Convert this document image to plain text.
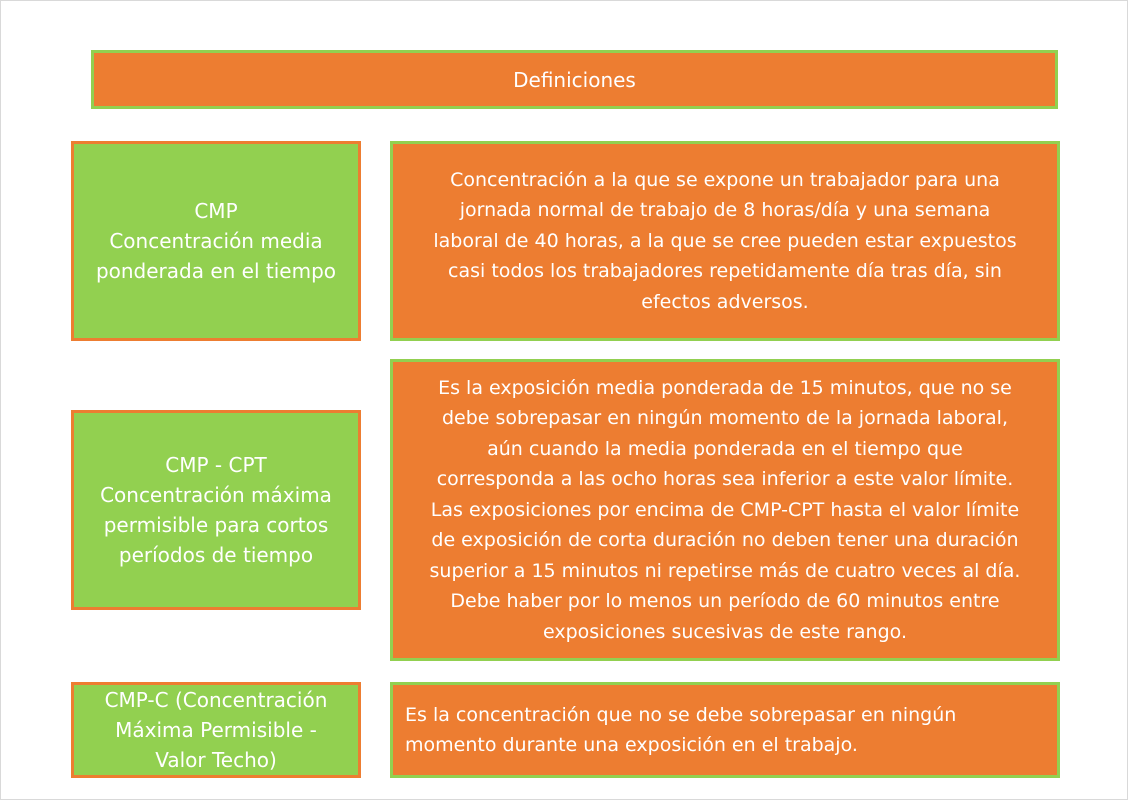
Definiciones
CMP
Concentración media
ponderada en el tiempo
Concentración a la que se expone un trabajador para una
jornada normal de trabajo de 8 horas/día y una semana
laboral de 40 horas, a la que se cree pueden estar expuestos
casi todos los trabajadores repetidamente día tras día, sin
efectos adversos.
CMP - CPT
Concentración máxima
permisible para cortos
períodos de tiempo
Es la exposición media ponderada de 15 minutos, que no se
debe sobrepasar en ningún momento de la jornada laboral,
aún cuando la media ponderada en el tiempo que
corresponda a las ocho horas sea inferior a este valor límite.
Las exposiciones por encima de CMP-CPT hasta el valor límite
de exposición de corta duración no deben tener una duración
superior a 15 minutos ni repetirse más de cuatro veces al día.
Debe haber por lo menos un período de 60 minutos entre
exposiciones sucesivas de este rango.
CMP-C (Concentración
Máxima Permisible -
Valor Techo)
Es la concentración que no se debe sobrepasar en ningún
momento durante una exposición en el trabajo.
